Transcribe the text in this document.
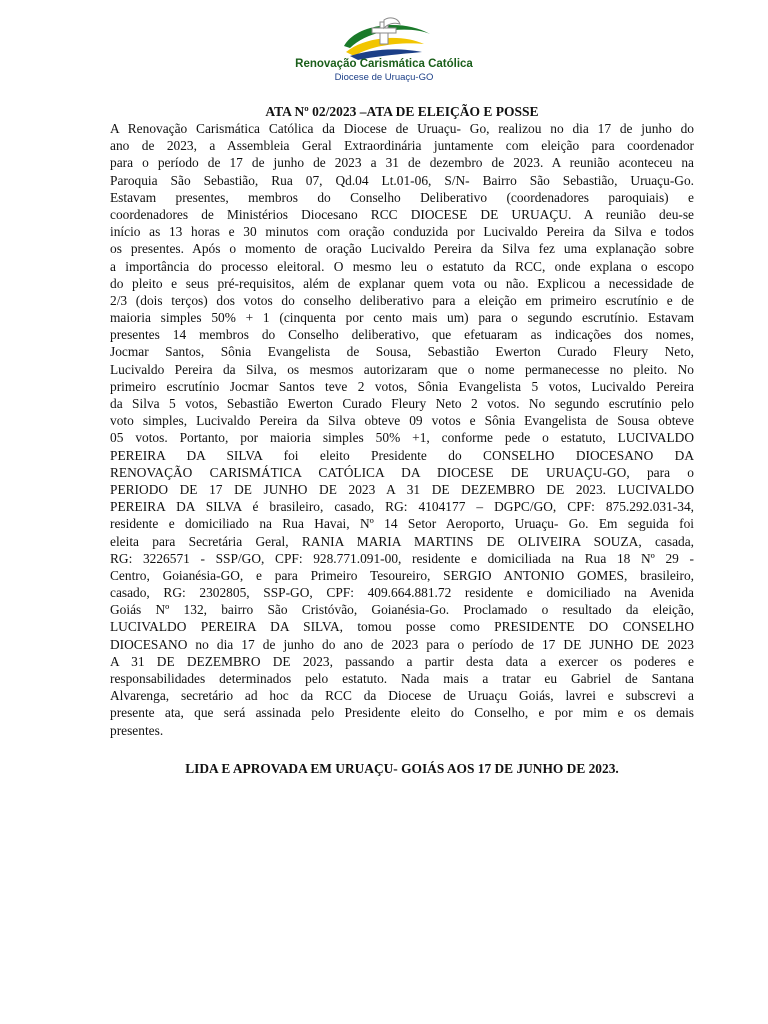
Renovação Carismática Católica
Diocese de Uruaçu-GO
ATA Nº 02/2023 –ATA DE ELEIÇÃO E POSSE
A Renovação Carismática Católica da Diocese de Uruaçu- Go, realizou no dia 17 de junho do
ano de 2023, a Assembleia Geral Extraordinária juntamente com eleição para coordenador
para o período de 17 de junho de 2023 a 31 de dezembro de 2023. A reunião aconteceu na
Paroquia São Sebastião, Rua 07, Qd.04 Lt.01-06, S/N- Bairro São Sebastião, Uruaçu-Go.
Estavam presentes, membros do Conselho Deliberativo (coordenadores paroquiais) e
coordenadores de Ministérios Diocesano RCC DIOCESE DE URUAÇU. A reunião deu-se
início as 13 horas e 30 minutos com oração conduzida por Lucivaldo Pereira da Silva e todos
os presentes. Após o momento de oração Lucivaldo Pereira da Silva fez uma explanação sobre
a importância do processo eleitoral. O mesmo leu o estatuto da RCC, onde explana o escopo
do pleito e seus pré-requisitos, além de explanar quem vota ou não. Explicou a necessidade de
2/3 (dois terços) dos votos do conselho deliberativo para a eleição em primeiro escrutínio e de
maioria simples 50% + 1 (cinquenta por cento mais um) para o segundo escrutínio. Estavam
presentes 14 membros do Conselho deliberativo, que efetuaram as indicações dos nomes,
Jocmar Santos, Sônia Evangelista de Sousa, Sebastião Ewerton Curado Fleury Neto,
Lucivaldo Pereira da Silva, os mesmos autorizaram que o nome permanecesse no pleito. No
primeiro escrutínio Jocmar Santos teve 2 votos, Sônia Evangelista 5 votos, Lucivaldo Pereira
da Silva 5 votos, Sebastião Ewerton Curado Fleury Neto 2 votos. No segundo escrutínio pelo
voto simples, Lucivaldo Pereira da Silva obteve 09 votos e Sônia Evangelista de Sousa obteve
05 votos. Portanto, por maioria simples 50% +1, conforme pede o estatuto, LUCIVALDO
PEREIRA DA SILVA foi eleito Presidente do CONSELHO DIOCESANO DA
RENOVAÇÃO CARISMÁTICA CATÓLICA DA DIOCESE DE URUAÇU-GO, para o
PERIODO DE 17 DE JUNHO DE 2023 A 31 DE DEZEMBRO DE 2023. LUCIVALDO
PEREIRA DA SILVA é brasileiro, casado, RG: 4104177 – DGPC/GO, CPF: 875.292.031-34,
residente e domiciliado na Rua Havai, Nº 14 Setor Aeroporto, Uruaçu- Go. Em seguida foi
eleita para Secretária Geral, RANIA MARIA MARTINS DE OLIVEIRA SOUZA, casada,
RG: 3226571 - SSP/GO, CPF: 928.771.091-00, residente e domiciliada na Rua 18 Nº 29 -
Centro, Goianésia-GO, e para Primeiro Tesoureiro, SERGIO ANTONIO GOMES, brasileiro,
casado, RG: 2302805, SSP-GO, CPF: 409.664.881.72 residente e domiciliado na Avenida
Goiás Nº 132, bairro São Cristóvão, Goianésia-Go. Proclamado o resultado da eleição,
LUCIVALDO PEREIRA DA SILVA, tomou posse como PRESIDENTE DO CONSELHO
DIOCESANO no dia 17 de junho do ano de 2023 para o período de 17 DE JUNHO DE 2023
A 31 DE DEZEMBRO DE 2023, passando a partir desta data a exercer os poderes e
responsabilidades determinados pelo estatuto. Nada mais a tratar eu Gabriel de Santana
Alvarenga, secretário ad hoc da RCC da Diocese de Uruaçu Goiás, lavrei e subscrevi a
presente ata, que será assinada pelo Presidente eleito do Conselho, e por mim e os demais
presentes.
LIDA E APROVADA EM URUAÇU- GOIÁS AOS 17 DE JUNHO DE 2023.
